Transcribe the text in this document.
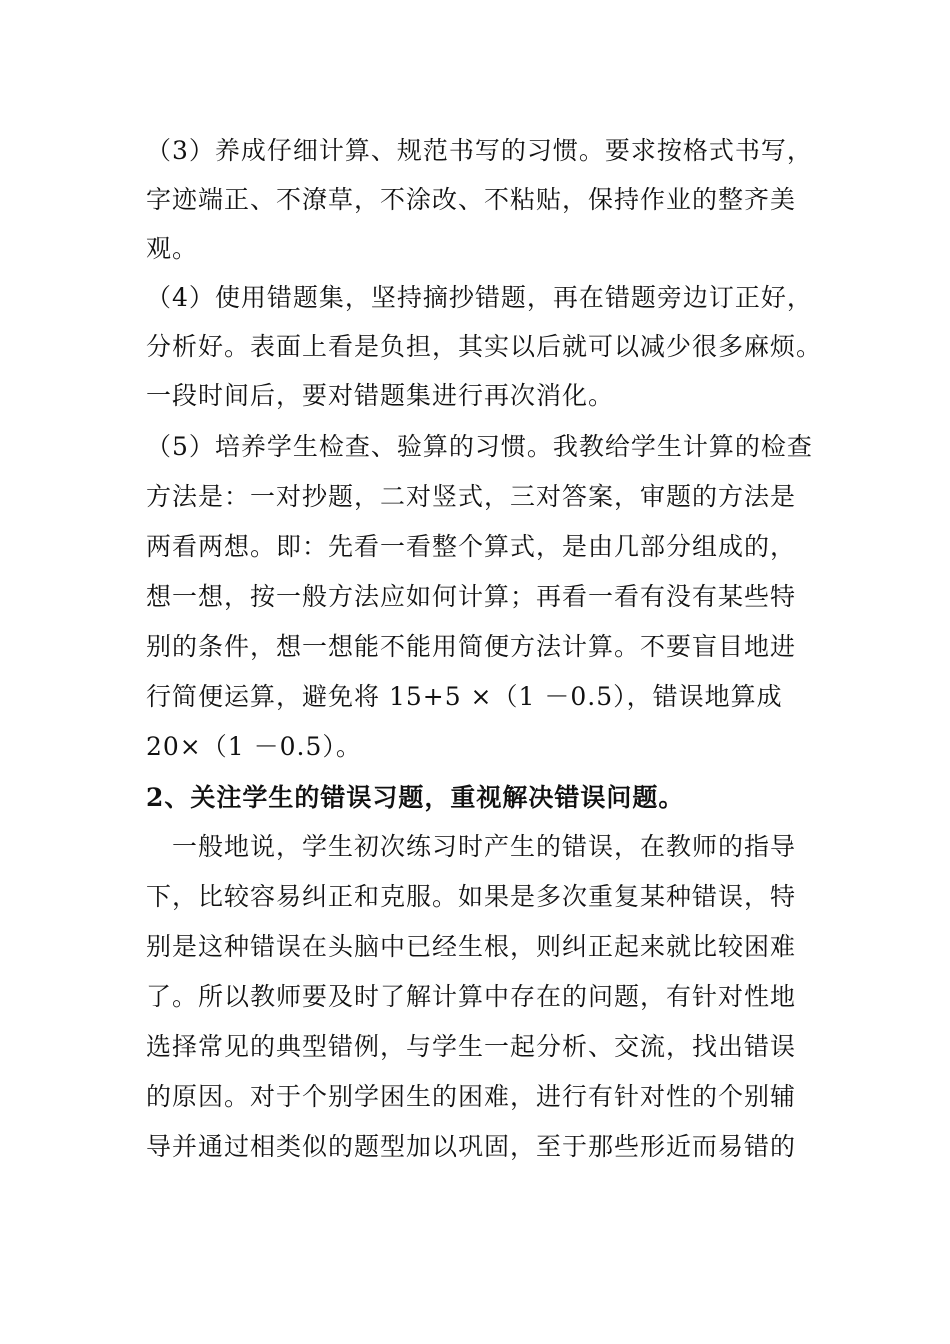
（3）养成仔细计算、规范书写的习惯。要求按格式书写，
字迹端正、不潦草，不涂改、不粘贴，保持作业的整齐美
观。
（4）使用错题集，坚持摘抄错题，再在错题旁边订正好，
分析好。表面上看是负担，其实以后就可以减少很多麻烦。
一段时间后，要对错题集进行再次消化。
（5）培养学生检查、验算的习惯。我教给学生计算的检查
方法是：一对抄题，二对竖式，三对答案，审题的方法是
两看两想。即：先看一看整个算式，是由几部分组成的，
想一想，按一般方法应如何计算；再看一看有没有某些特
别的条件，想一想能不能用简便方法计算。不要盲目地进
行简便运算，避免将 15+5 ×（1 －0.5），错误地算成
20×（1 －0.5）。
2、关注学生的错误习题，重视解决错误问题。
　一般地说，学生初次练习时产生的错误，在教师的指导
下，比较容易纠正和克服。如果是多次重复某种错误，特
别是这种错误在头脑中已经生根，则纠正起来就比较困难
了。所以教师要及时了解计算中存在的问题，有针对性地
选择常见的典型错例，与学生一起分析、交流，找出错误
的原因。对于个别学困生的困难，进行有针对性的个别辅
导并通过相类似的题型加以巩固，至于那些形近而易错的
